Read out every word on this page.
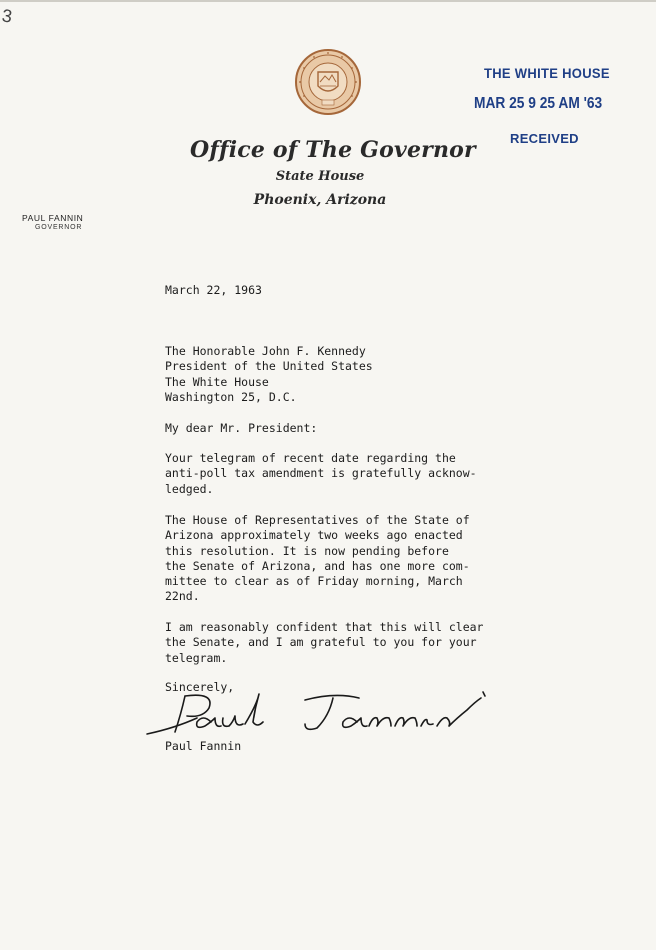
3
Office of The Governor
State House
Phoenix, Arizona
PAUL FANNIN
GOVERNOR
THE WHITE HOUSE
MAR 25 9 25 AM '63
RECEIVED
March 22, 1963
The Honorable John F. Kennedy
President of the United States
The White House
Washington 25, D.C.
My dear Mr. President:
Your telegram of recent date regarding the
anti-poll tax amendment is gratefully acknow-
ledged.
The House of Representatives of the State of
Arizona approximately two weeks ago enacted
this resolution. It is now pending before
the Senate of Arizona, and has one more com-
mittee to clear as of Friday morning, March
22nd.
I am reasonably confident that this will clear
the Senate, and I am grateful to you for your
telegram.
Sincerely,
Paul Fannin
